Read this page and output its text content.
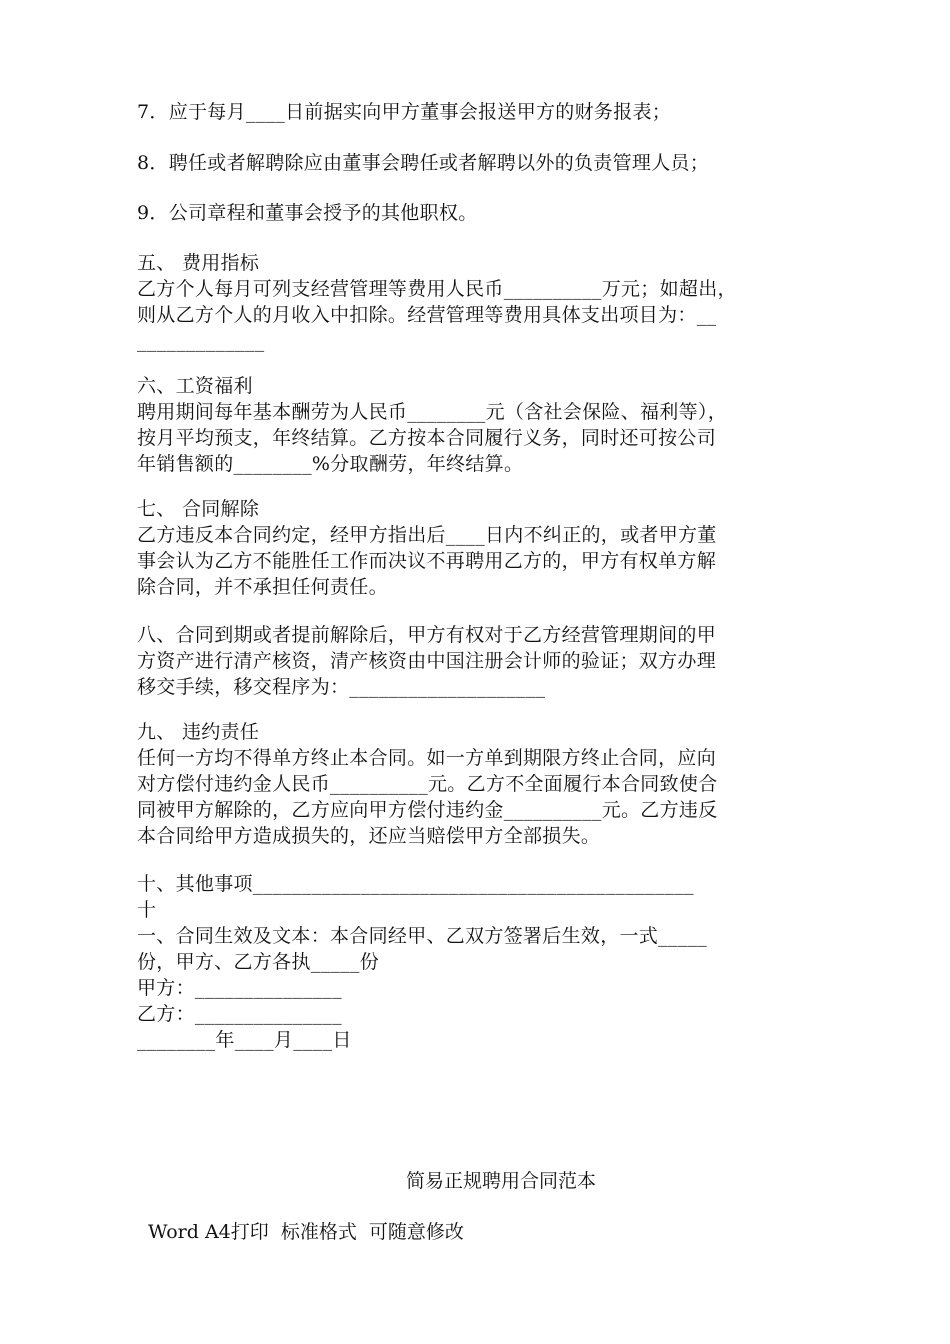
7．应于每月____日前据实向甲方董事会报送甲方的财务报表；

8．聘任或者解聘除应由董事会聘任或者解聘以外的负责管理人员；

9．公司章程和董事会授予的其他职权。

五、 费用指标

乙方个人每月可列支经营管理等费用人民币__________万元；如超出，

则从乙方个人的月收入中扣除。经营管理等费用具体支出项目为：__

_____________

六、工资福利

聘用期间每年基本酬劳为人民币________元（含社会保险、福利等），

按月平均预支，年终结算。乙方按本合同履行义务，同时还可按公司

年销售额的________%分取酬劳，年终结算。

七、 合同解除

乙方违反本合同约定，经甲方指出后____日内不纠正的，或者甲方董

事会认为乙方不能胜任工作而决议不再聘用乙方的，甲方有权单方解

除合同，并不承担任何责任。

八、合同到期或者提前解除后，甲方有权对于乙方经营管理期间的甲

方资产进行清产核资，清产核资由中国注册会计师的验证；双方办理

移交手续，移交程序为：____________________

九、 违约责任

任何一方均不得单方终止本合同。如一方单到期限方终止合同，应向

对方偿付违约金人民币__________元。乙方不全面履行本合同致使合

同被甲方解除的，乙方应向甲方偿付违约金__________元。乙方违反

本合同给甲方造成损失的，还应当赔偿甲方全部损失。

十、其他事项_____________________________________________

十

一、合同生效及文本：本合同经甲、乙双方签署后生效，一式_____

份，甲方、乙方各执_____份

甲方：_______________

乙方：_______________

________年____月____日

简易正规聘用合同范本

Word A4打印  标准格式  可随意修改
